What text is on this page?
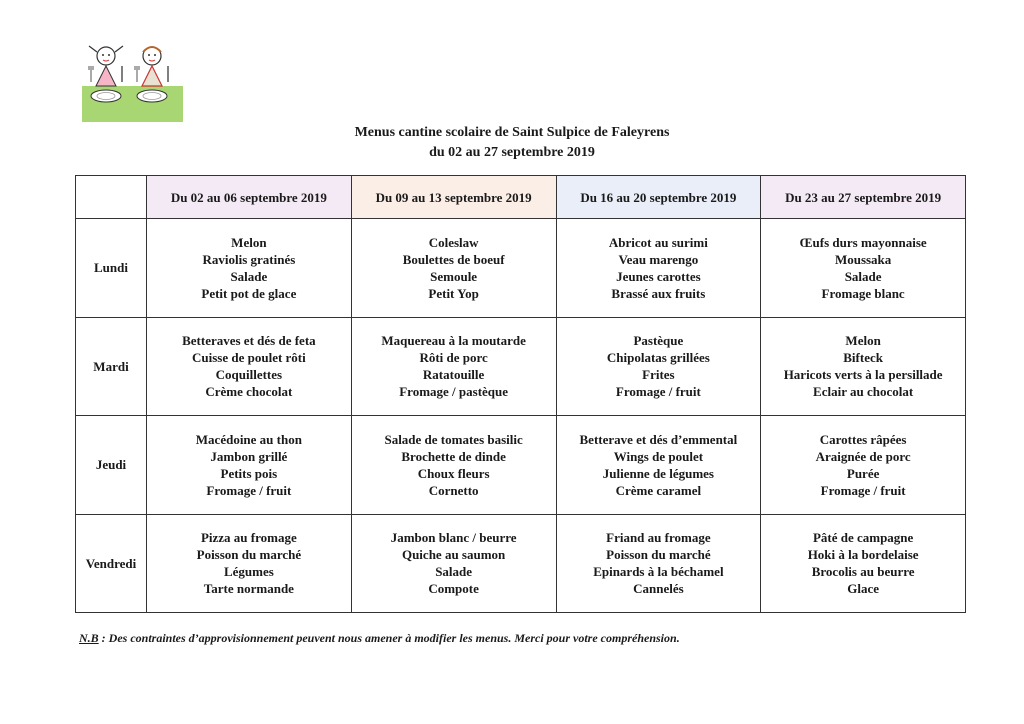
Menus cantine scolaire de Saint Sulpice de Faleyrens
du 02 au 27 septembre 2019
	Du 02 au 06 septembre 2019	Du 09 au 13 septembre 2019	Du 16 au 20 septembre 2019	Du 23 au 27 septembre 2019
Lundi	Melon
Raviolis gratinés
Salade
Petit pot de glace	Coleslaw
Boulettes de boeuf
Semoule
Petit Yop	Abricot au surimi
Veau marengo
Jeunes carottes
Brassé aux fruits	Œufs durs mayonnaise
Moussaka
Salade
Fromage blanc

Mardi	Betteraves et dés de feta
Cuisse de poulet rôti
Coquillettes
Crème chocolat	Maquereau à la moutarde
Rôti de porc
Ratatouille
Fromage / pastèque	Pastèque
Chipolatas grillées
Frites
Fromage / fruit	Melon
Bifteck
Haricots verts à la persillade
Eclair au chocolat

Jeudi	Macédoine au thon
Jambon grillé
Petits pois
Fromage / fruit	Salade de tomates basilic
Brochette de dinde
Choux fleurs
Cornetto	Betterave et dés d’emmental
Wings de poulet
Julienne de légumes
Crème caramel	Carottes râpées
Araignée de porc
Purée
Fromage / fruit

Vendredi	Pizza au fromage
Poisson du marché
Légumes
Tarte normande	Jambon blanc / beurre
Quiche au saumon
Salade
Compote	Friand au fromage
Poisson du marché
Epinards à la béchamel
Cannelés	Pâté de campagne
Hoki à la bordelaise
Brocolis au beurre
Glace
N.B : Des contraintes d’approvisionnement peuvent nous amener à modifier les menus. Merci pour votre compréhension.
